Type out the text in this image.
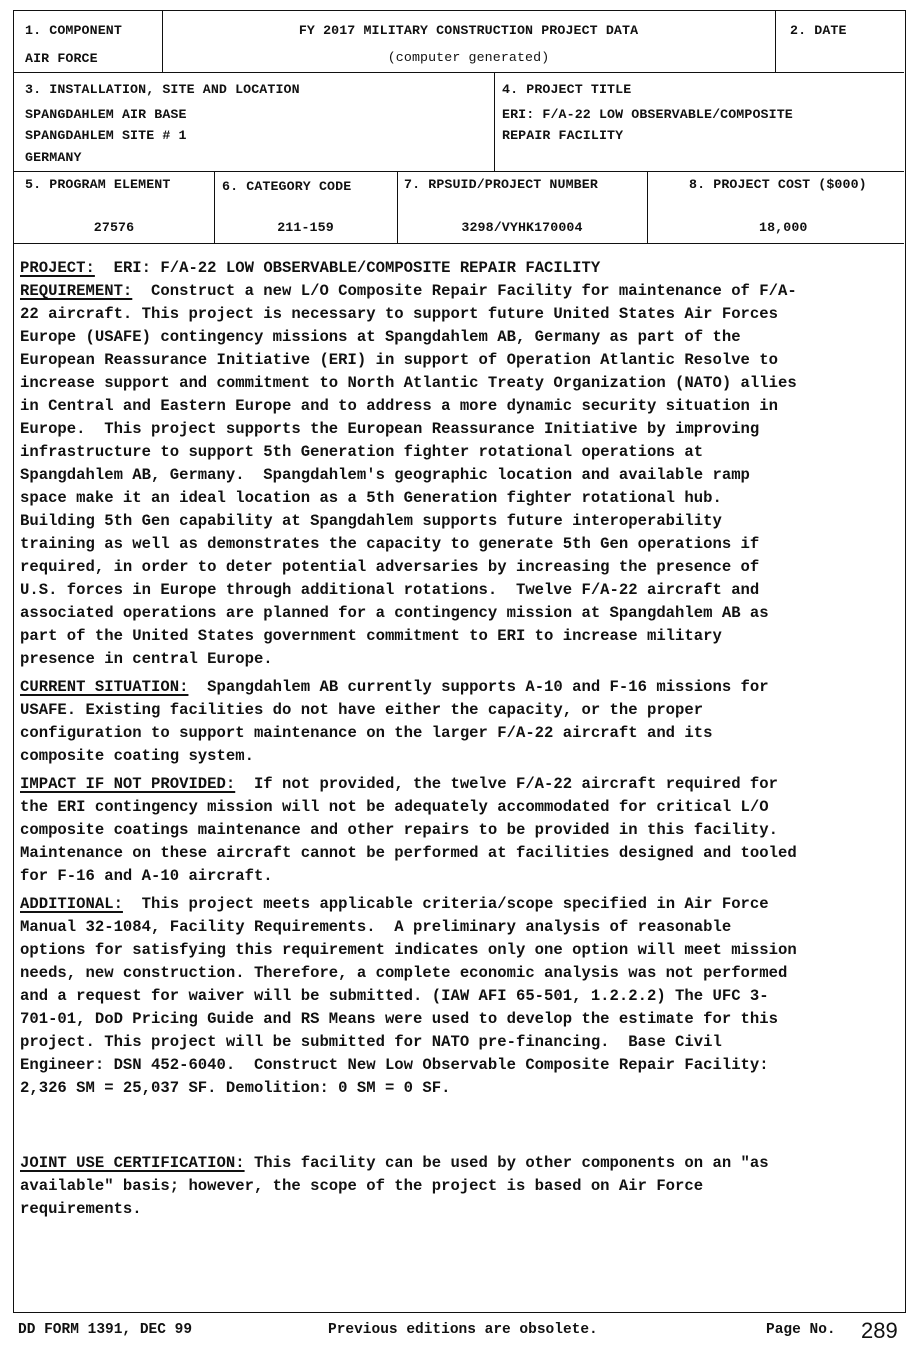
1. COMPONENT
AIR FORCE
FY 2017 MILITARY CONSTRUCTION PROJECT DATA
(computer generated)
2. DATE
3. INSTALLATION, SITE AND LOCATION
SPANGDAHLEM AIR BASE
SPANGDAHLEM SITE # 1
GERMANY
4. PROJECT TITLE
ERI: F/A-22 LOW OBSERVABLE/COMPOSITE
REPAIR FACILITY
5. PROGRAM ELEMENT
27576
6. CATEGORY CODE
211-159
7. RPSUID/PROJECT NUMBER
3298/VYHK170004
8. PROJECT COST ($000)
18,000
PROJECT:  ERI: F/A-22 LOW OBSERVABLE/COMPOSITE REPAIR FACILITY
REQUIREMENT:  Construct a new L/O Composite Repair Facility for maintenance of F/A-
22 aircraft. This project is necessary to support future United States Air Forces
Europe (USAFE) contingency missions at Spangdahlem AB, Germany as part of the
European Reassurance Initiative (ERI) in support of Operation Atlantic Resolve to
increase support and commitment to North Atlantic Treaty Organization (NATO) allies
in Central and Eastern Europe and to address a more dynamic security situation in
Europe.  This project supports the European Reassurance Initiative by improving
infrastructure to support 5th Generation fighter rotational operations at
Spangdahlem AB, Germany.  Spangdahlem's geographic location and available ramp
space make it an ideal location as a 5th Generation fighter rotational hub.
Building 5th Gen capability at Spangdahlem supports future interoperability
training as well as demonstrates the capacity to generate 5th Gen operations if
required, in order to deter potential adversaries by increasing the presence of
U.S. forces in Europe through additional rotations.  Twelve F/A-22 aircraft and
associated operations are planned for a contingency mission at Spangdahlem AB as
part of the United States government commitment to ERI to increase military
presence in central Europe.
CURRENT SITUATION:  Spangdahlem AB currently supports A-10 and F-16 missions for
USAFE. Existing facilities do not have either the capacity, or the proper
configuration to support maintenance on the larger F/A-22 aircraft and its
composite coating system.
IMPACT IF NOT PROVIDED:  If not provided, the twelve F/A-22 aircraft required for
the ERI contingency mission will not be adequately accommodated for critical L/O
composite coatings maintenance and other repairs to be provided in this facility.
Maintenance on these aircraft cannot be performed at facilities designed and tooled
for F-16 and A-10 aircraft.
ADDITIONAL:  This project meets applicable criteria/scope specified in Air Force
Manual 32-1084, Facility Requirements.  A preliminary analysis of reasonable
options for satisfying this requirement indicates only one option will meet mission
needs, new construction. Therefore, a complete economic analysis was not performed
and a request for waiver will be submitted. (IAW AFI 65-501, 1.2.2.2) The UFC 3-
701-01, DoD Pricing Guide and RS Means were used to develop the estimate for this
project. This project will be submitted for NATO pre-financing.  Base Civil
Engineer: DSN 452-6040.  Construct New Low Observable Composite Repair Facility:
2,326 SM = 25,037 SF. Demolition: 0 SM = 0 SF.
JOINT USE CERTIFICATION: This facility can be used by other components on an "as
available" basis; however, the scope of the project is based on Air Force
requirements.
DD FORM 1391, DEC 99	Previous editions are obsolete.	Page No. 289
